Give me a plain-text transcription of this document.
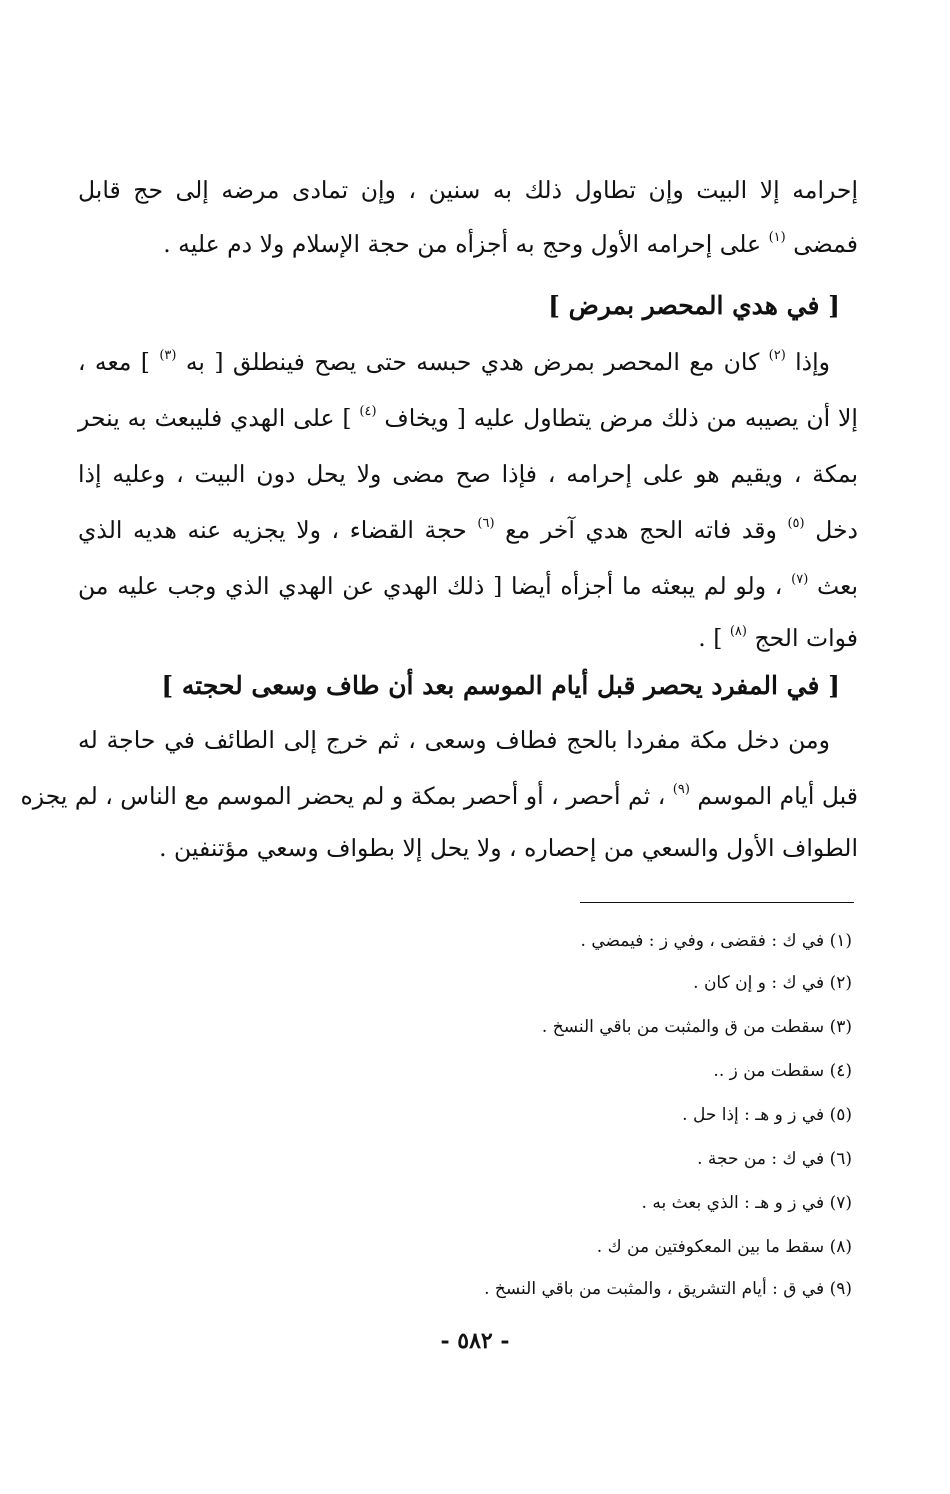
إحرامه إلا البيت وإن تطاول ذلك به سنين ، وإن تمادى مرضه إلى حج قابل
فمضى $^{(١)}$ على إحرامه الأول وحج به أجزأه من حجة الإسلام ولا دم عليه .
[ في هدي المحصر بمرض ]
وإذا $^{(٢)}$ كان مع المحصر بمرض هدي حبسه حتى يصح فينطلق [ به $^{(٣)}$ ] معه ،
إلا أن يصيبه من ذلك مرض يتطاول عليه [ ويخاف $^{(٤)}$ ] على الهدي فليبعث به ينحر
بمكة ، ويقيم هو على إحرامه ، فإذا صح مضى ولا يحل دون البيت ، وعليه إذا
دخل $^{(٥)}$ وقد فاته الحج هدي آخر مع $^{(٦)}$ حجة القضاء ، ولا يجزيه عنه هديه الذي
بعث $^{(٧)}$ ، ولو لم يبعثه ما أجزأه أيضا [ ذلك الهدي عن الهدي الذي وجب عليه من
فوات الحج $^{(٨)}$ ] .
[ في المفرد يحصر قبل أيام الموسم بعد أن طاف وسعى لحجته ]
ومن دخل مكة مفردا بالحج فطاف وسعى ، ثم خرج إلى الطائف في حاجة له
قبل أيام الموسم $^{(٩)}$ ، ثم أحصر ، أو أحصر بمكة و لم يحضر الموسم مع الناس ، لم يجزه
الطواف الأول والسعي من إحصاره ، ولا يحل إلا بطواف وسعي مؤتنفين .
(١) في ك : فقضى ، وفي ز : فيمضي .
(٢) في ك : و إن كان .
(٣) سقطت من ق والمثبت من باقي النسخ .
(٤) سقطت من ز ..
(٥) في ز و هـ : إذا حل .
(٦) في ك : من حجة .
(٧) في ز و هـ : الذي بعث به .
(٨) سقط ما بين المعكوفتين من ك .
(٩) في ق : أيام التشريق ، والمثبت من باقي النسخ .
- ٥٨٢ -
